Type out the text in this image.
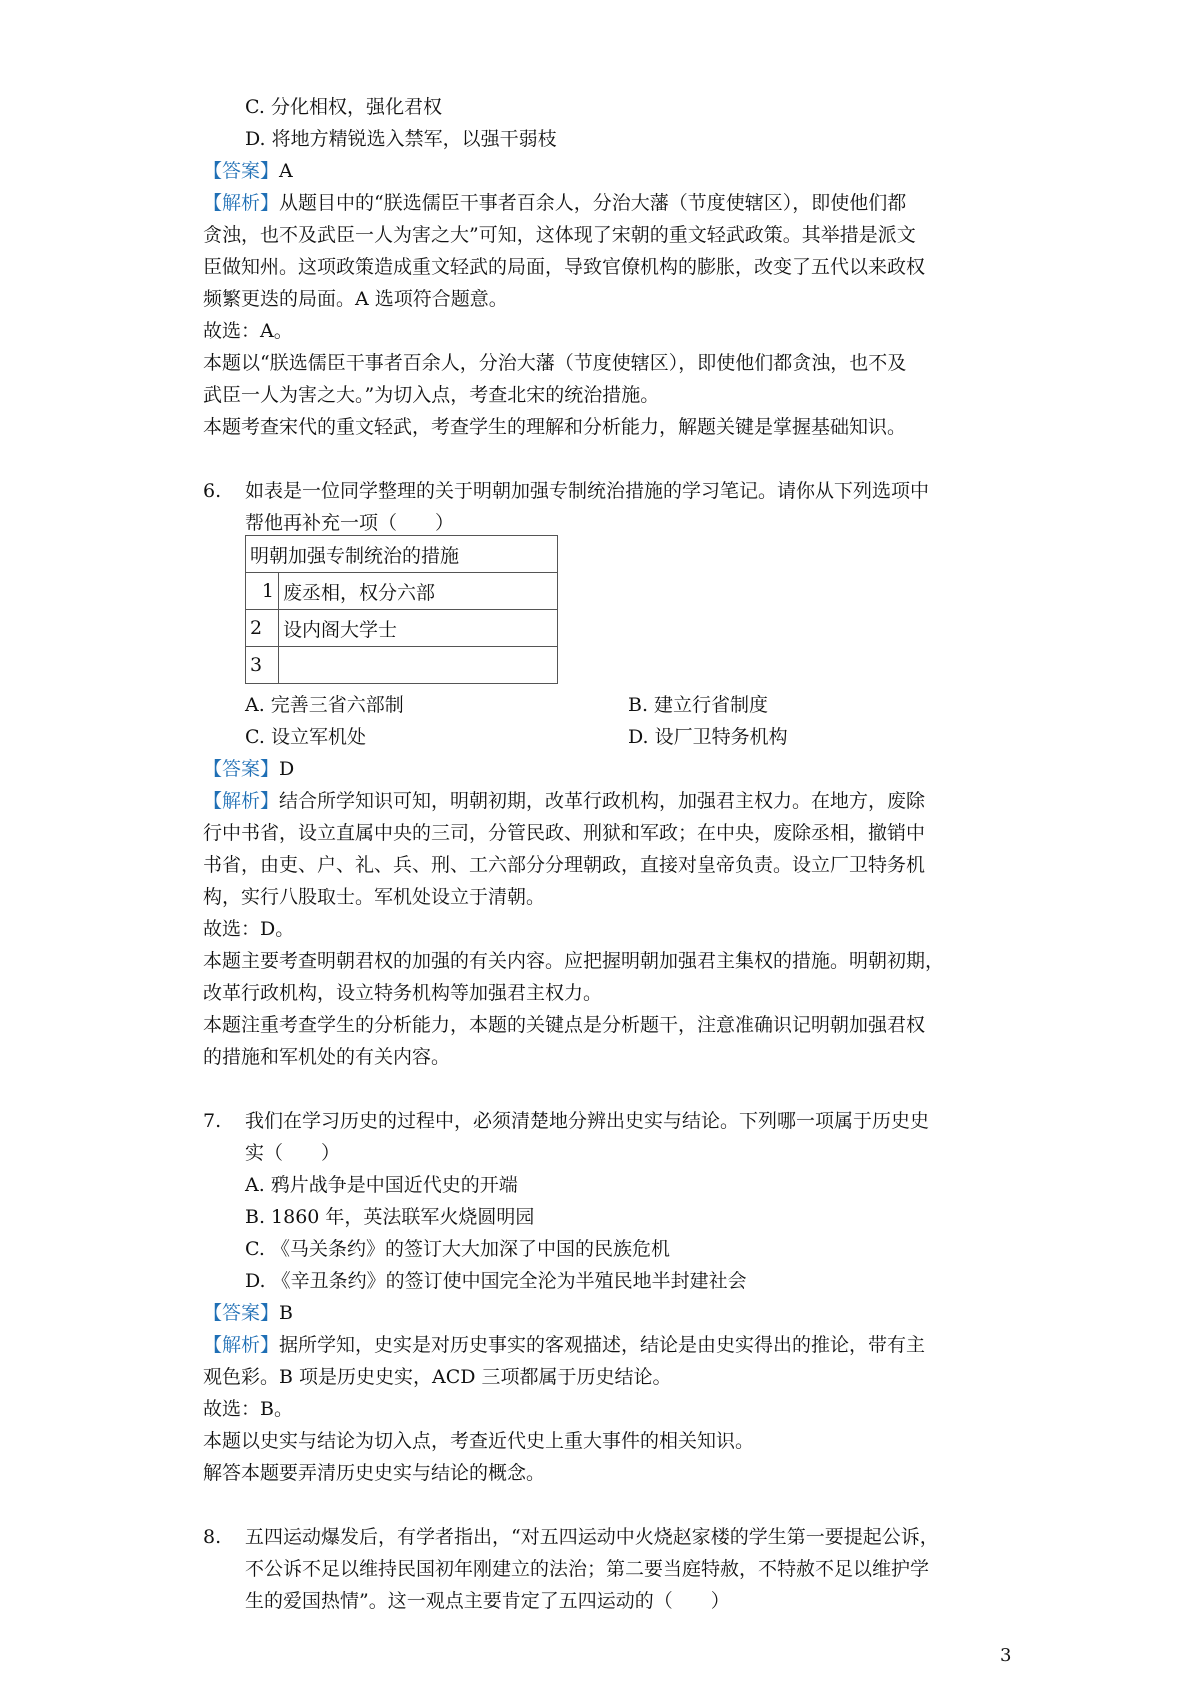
C. 分化相权，强化君权
D. 将地方精锐选入禁军，以强干弱枝
【答案】A
【解析】从题目中的“朕选儒臣干事者百余人，分治大藩（节度使辖区），即使他们都
贪浊，也不及武臣一人为害之大”可知，这体现了宋朝的重文轻武政策。其举措是派文
臣做知州。这项政策造成重文轻武的局面，导致官僚机构的膨胀，改变了五代以来政权
频繁更迭的局面。A 选项符合题意。
故选：A。
本题以“朕选儒臣干事者百余人，分治大藩（节度使辖区），即使他们都贪浊，也不及
武臣一人为害之大。”为切入点，考查北宋的统治措施。
本题考查宋代的重文轻武，考查学生的理解和分析能力，解题关键是掌握基础知识。
6. 如表是一位同学整理的关于明朝加强专制统治措施的学习笔记。请你从下列选项中
帮他再补充一项（　　）
明朝加强专制统治的措施	
1	废丞相，权分六部
2	设内阁大学士
3	
A. 完善三省六部制	B. 建立行省制度
C. 设立军机处	D. 设厂卫特务机构
【答案】D
【解析】结合所学知识可知，明朝初期，改革行政机构，加强君主权力。在地方，废除
行中书省，设立直属中央的三司，分管民政、刑狱和军政；在中央，废除丞相，撤销中
书省，由吏、户、礼、兵、刑、工六部分分理朝政，直接对皇帝负责。设立厂卫特务机
构，实行八股取士。军机处设立于清朝。
故选：D。
本题主要考查明朝君权的加强的有关内容。应把握明朝加强君主集权的措施。明朝初期，
改革行政机构，设立特务机构等加强君主权力。
本题注重考查学生的分析能力，本题的关键点是分析题干，注意准确识记明朝加强君权
的措施和军机处的有关内容。
7. 我们在学习历史的过程中，必须清楚地分辨出史实与结论。下列哪一项属于历史史
实（　　）
A. 鸦片战争是中国近代史的开端
B. 1860 年，英法联军火烧圆明园
C. 《马关条约》的签订大大加深了中国的民族危机
D. 《辛丑条约》的签订使中国完全沦为半殖民地半封建社会
【答案】B
【解析】据所学知，史实是对历史事实的客观描述，结论是由史实得出的推论，带有主
观色彩。B 项是历史史实，ACD 三项都属于历史结论。
故选：B。
本题以史实与结论为切入点，考查近代史上重大事件的相关知识。
解答本题要弄清历史史实与结论的概念。
8. 五四运动爆发后，有学者指出，“对五四运动中火烧赵家楼的学生第一要提起公诉，
不公诉不足以维持民国初年刚建立的法治；第二要当庭特赦，不特赦不足以维护学
生的爱国热情”。这一观点主要肯定了五四运动的（　　）
3
